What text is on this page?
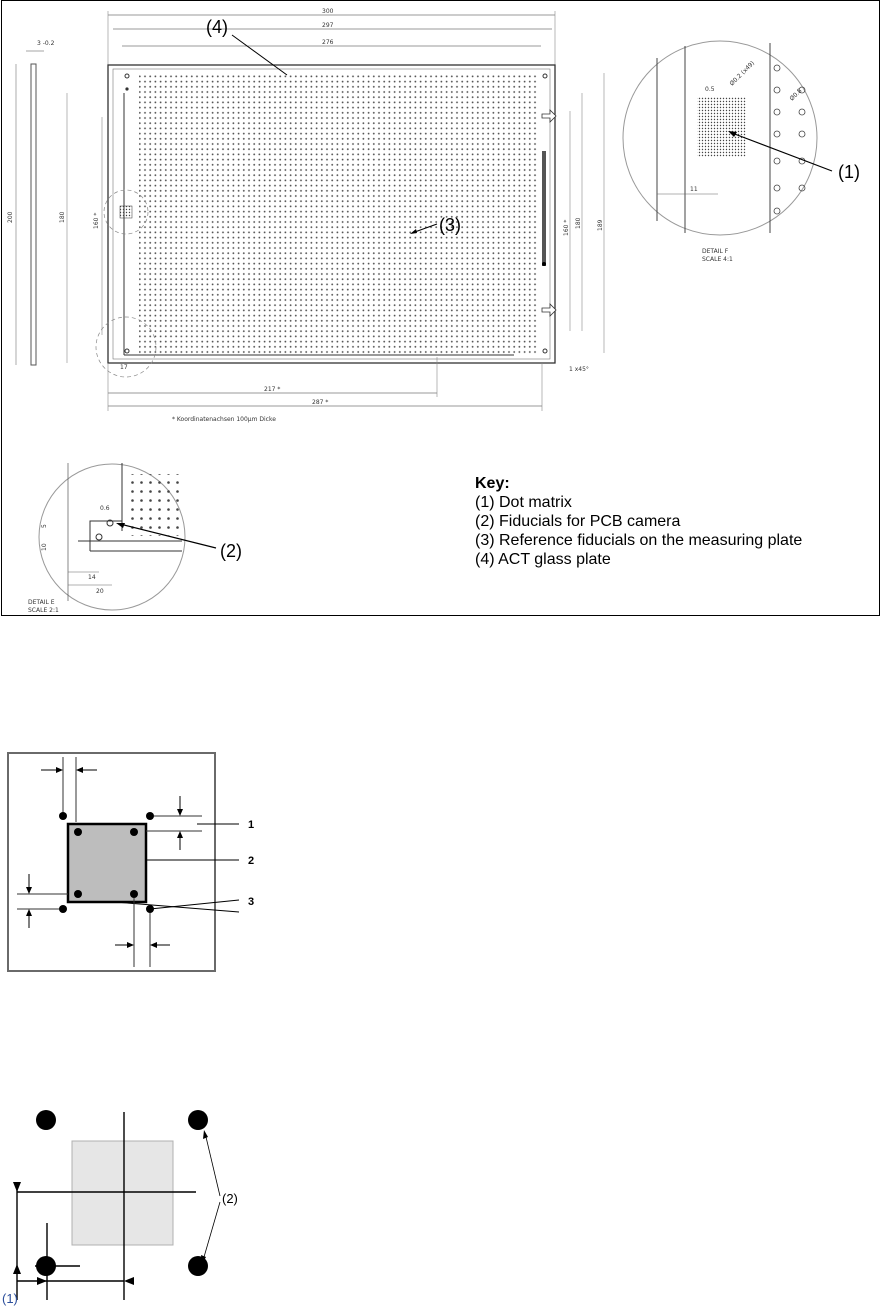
200
3 -0.2
300
297
276
180	160 *	189
180
160 *
217 *
287 *
1 x45°
17
* Koordinatenachsen 100µm Dicke
(4)
(3)
11
0.5
Ø0.2 (x49)
Ø0.8
(1)
DETAIL F
SCALE 4:1
20
14
10
5
0.6
(2)
DETAIL E
SCALE 2:1
Key:
(1) Dot matrix
(2) Fiducials for PCB camera
(3) Reference fiducials on the measuring plate
(4) ACT glass plate
1
2
3
(2)
(1)
